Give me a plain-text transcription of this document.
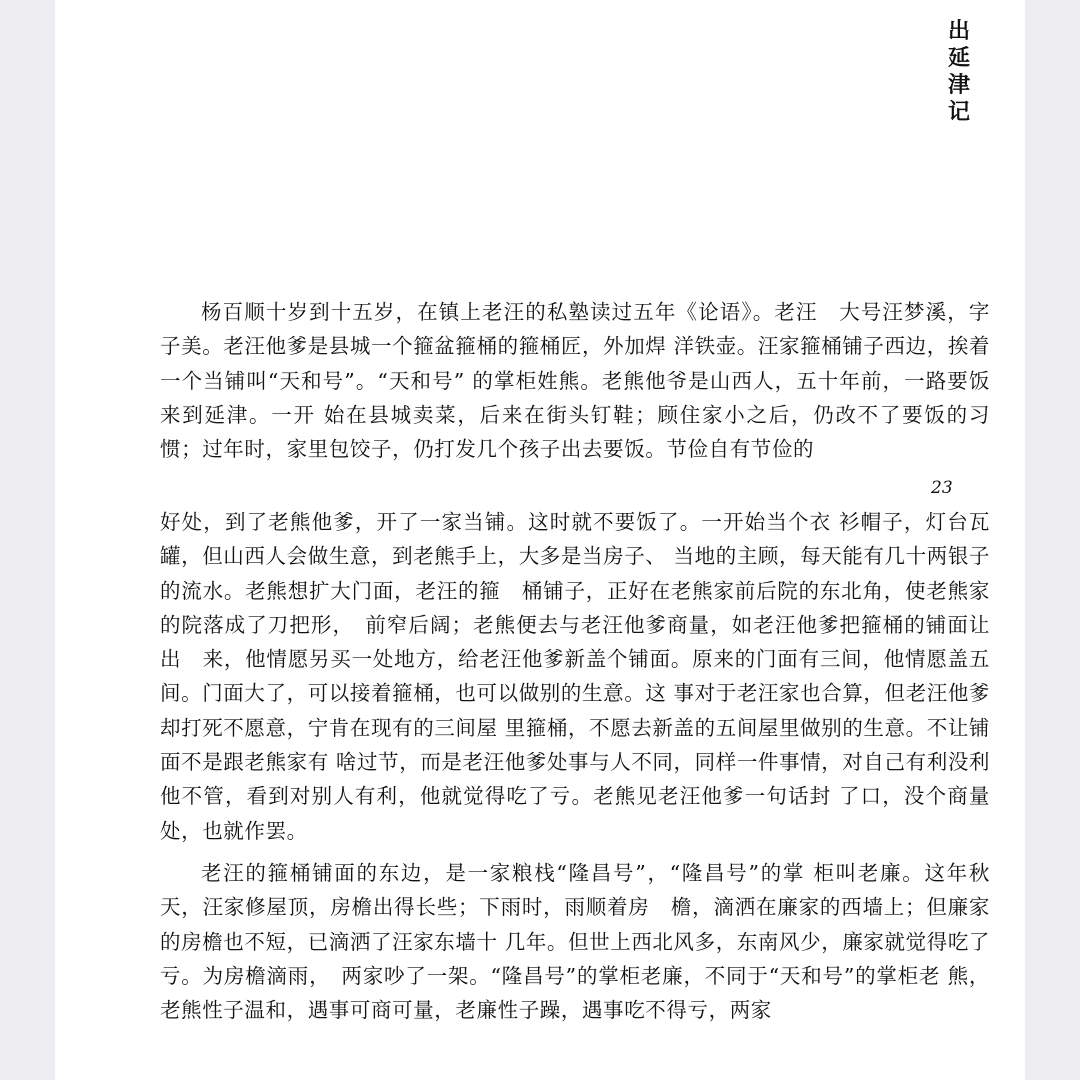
出
延
津
记

杨百顺十岁到十五岁，在镇上老汪的私塾读过五年《论语》。老汪　大号汪梦溪，字子美。老汪他爹是县城一个箍盆箍桶的箍桶匠，外加焊 洋铁壶。汪家箍桶铺子西边，挨着一个当铺叫“天和号”。“天和号” 的掌柜姓熊。老熊他爷是山西人，五十年前，一路要饭来到延津。一开 始在县城卖菜，后来在街头钉鞋；顾住家小之后，仍改不了要饭的习　　惯；过年时，家里包饺子，仍打发几个孩子出去要饭。节俭自有节俭的

23

好处，到了老熊他爹，开了一家当铺。这时就不要饭了。一开始当个衣 衫帽子，灯台瓦罐，但山西人会做生意，到老熊手上，大多是当房子、 当地的主顾，每天能有几十两银子的流水。老熊想扩大门面，老汪的箍　桶铺子，正好在老熊家前后院的东北角，使老熊家的院落成了刀把形，　前窄后阔；老熊便去与老汪他爹商量，如老汪他爹把箍桶的铺面让出　来，他情愿另买一处地方，给老汪他爹新盖个铺面。原来的门面有三间，他情愿盖五间。门面大了，可以接着箍桶，也可以做别的生意。这 事对于老汪家也合算，但老汪他爹却打死不愿意，宁肯在现有的三间屋 里箍桶，不愿去新盖的五间屋里做别的生意。不让铺面不是跟老熊家有 啥过节，而是老汪他爹处事与人不同，同样一件事情，对自己有利没利 他不管，看到对别人有利，他就觉得吃了亏。老熊见老汪他爹一句话封 了口，没个商量处，也就作罢。

老汪的箍桶铺面的东边，是一家粮栈“隆昌号”，“隆昌号”的掌 柜叫老廉。这年秋天，汪家修屋顶，房檐出得长些；下雨时，雨顺着房　檐，滴洒在廉家的西墙上；但廉家的房檐也不短，已滴洒了汪家东墙十 几年。但世上西北风多，东南风少，廉家就觉得吃了亏。为房檐滴雨，　两家吵了一架。“隆昌号”的掌柜老廉，不同于“天和号”的掌柜老 熊，老熊性子温和，遇事可商可量，老廉性子躁，遇事吃不得亏，两家
